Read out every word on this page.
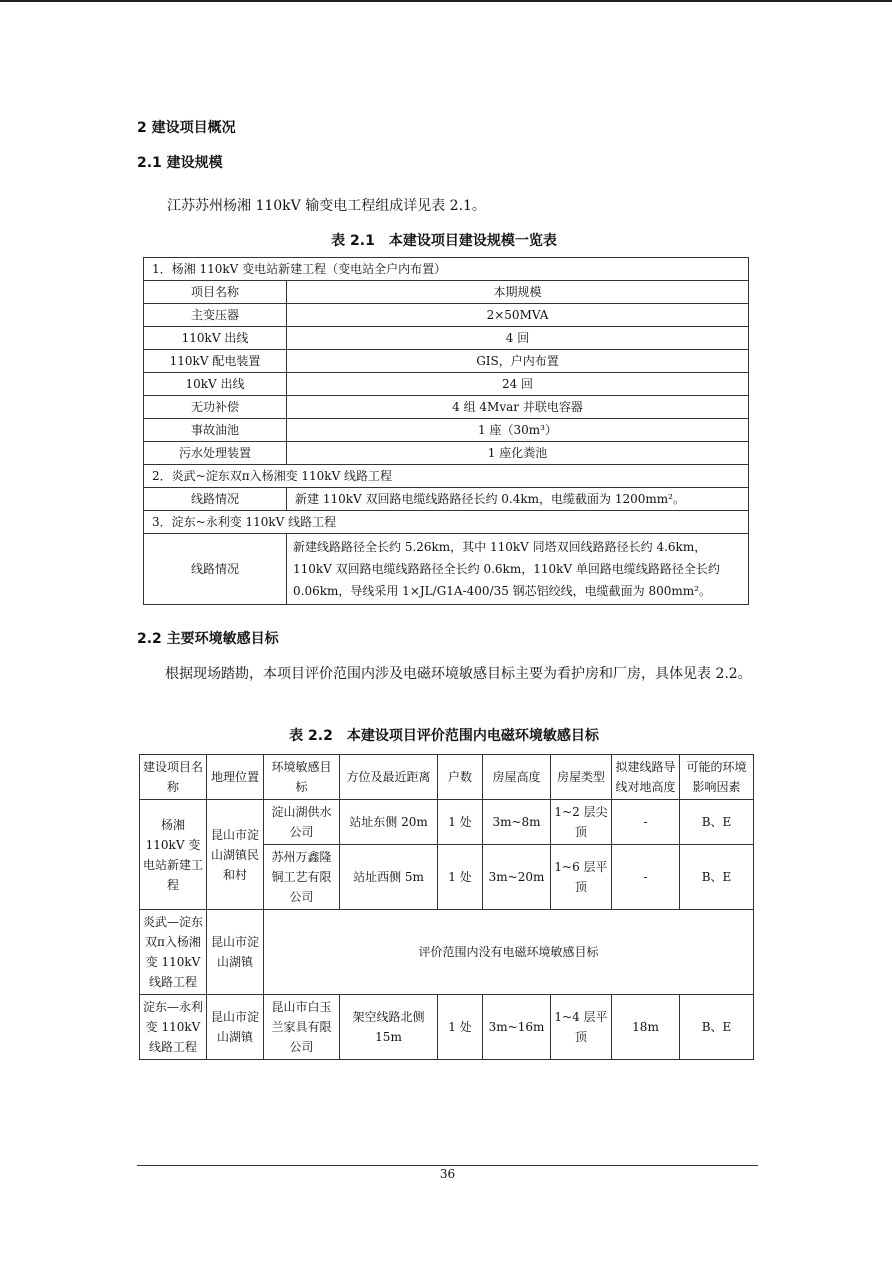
2 建设项目概况
2.1 建设规模
江苏苏州杨湘 110kV 输变电工程组成详见表 2.1。
表 2.1　本建设项目建设规模一览表
1．杨湘 110kV 变电站新建工程（变电站全户内布置）	
项目名称	本期规模
主变压器	2×50MVA
110kV 出线	4 回
110kV 配电装置	GIS，户内布置
10kV 出线	24 回
无功补偿	4 组 4Mvar 并联电容器
事故油池	1 座（30m³）
污水处理装置	1 座化粪池
2．炎武~淀东双π入杨湘变 110kV 线路工程	
线路情况	新建 110kV 双回路电缆线路路径长约 0.4km，电缆截面为 1200mm²。
3．淀东~永利变 110kV 线路工程	
线路情况	新建线路路径全长约 5.26km，其中 110kV 同塔双回线路路径长约 4.6km，110kV 双回路电缆线路路径全长约 0.6km，110kV 单回路电缆线路路径全长约 0.06km，导线采用 1×JL/G1A-400/35 钢芯铝绞线，电缆截面为 800mm²。
2.2 主要环境敏感目标
根据现场踏勘，本项目评价范围内涉及电磁环境敏感目标主要为看护房和厂房，具体见表 2.2。
表 2.2　本建设项目评价范围内电磁环境敏感目标
建设项目名称	地理位置	环境敏感目标	方位及最近距离	户数	房屋高度	房屋类型	拟建线路导线对地高度	可能的环境影响因素
杨湘 110kV 变电站新建工程	昆山市淀山湖镇民和村	淀山湖供水公司	站址东侧 20m	1 处	3m~8m	1~2 层尖顶	-	B、E
		苏州万鑫隆铜工艺有限公司	站址西侧 5m	1 处	3m~20m	1~6 层平顶	-	B、E
炎武—淀东双π入杨湘变 110kV 线路工程	昆山市淀山湖镇	评价范围内没有电磁环境敏感目标						
淀东—永利变 110kV 线路工程	昆山市淀山湖镇	昆山市白玉兰家具有限公司	架空线路北侧 15m	1 处	3m~16m	1~4 层平顶	18m	B、E
36
